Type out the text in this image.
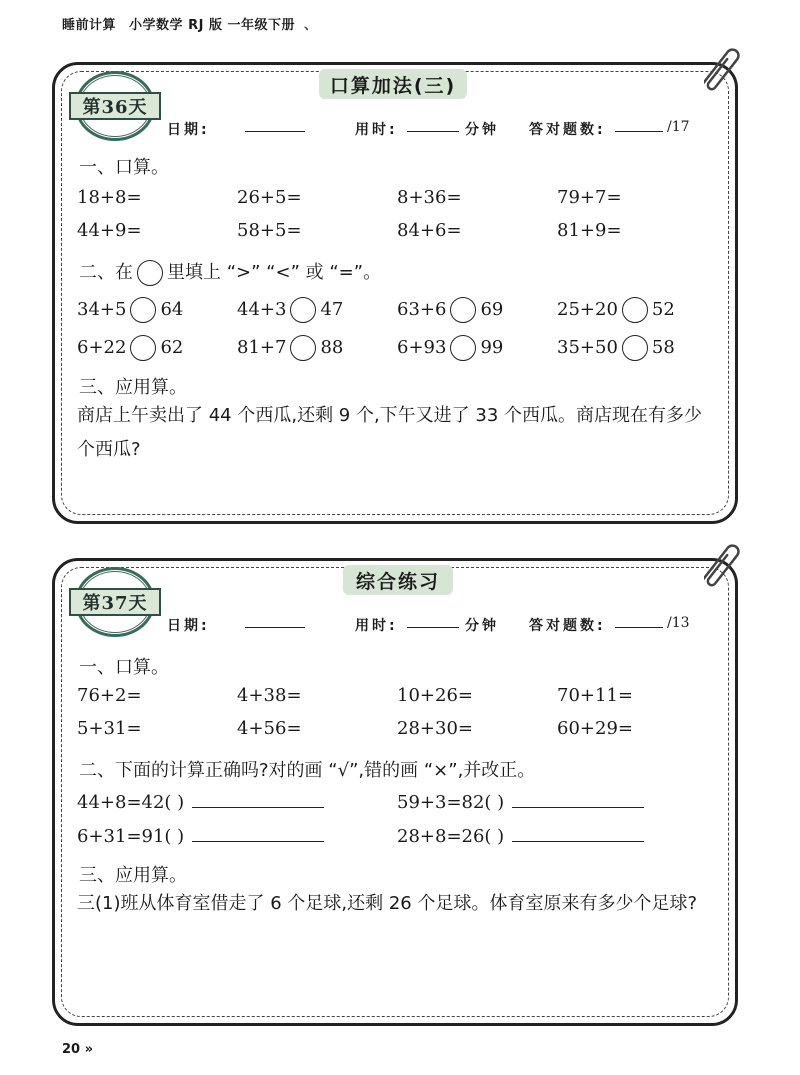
睡前计算 小学数学 RJ 版 一年级下册 、
第36天
口算加法(三)
日期:	用时:	分钟 答对题数:	/17
一、口算。
18+8=	26+5=	8+36=	79+7=
44+9=	58+5=	84+6=	81+9=
二、在 里填上 “>” “<” 或 “=”。
34+5 64	44+3 47	63+6 69	25+20 52
6+22 62	81+7 88	6+93 99	35+50 58
三、应用算。
商店上午卖出了 44 个西瓜,还剩 9 个,下午又进了 33 个西瓜。商店现在有多少个西瓜?
第37天
综合练习
日期:	用时:	分钟 答对题数:	/13
一、口算。
76+2=	4+38=	10+26=	70+11=
5+31=	4+56=	28+30=	60+29=
二、下面的计算正确吗?对的画 “√”,错的画 “×”,并改正。
44+8=42( )	59+3=82( )
6+31=91( )	28+8=26( )
三、应用算。
三(1)班从体育室借走了 6 个足球,还剩 26 个足球。体育室原来有多少个足球?
20 »
